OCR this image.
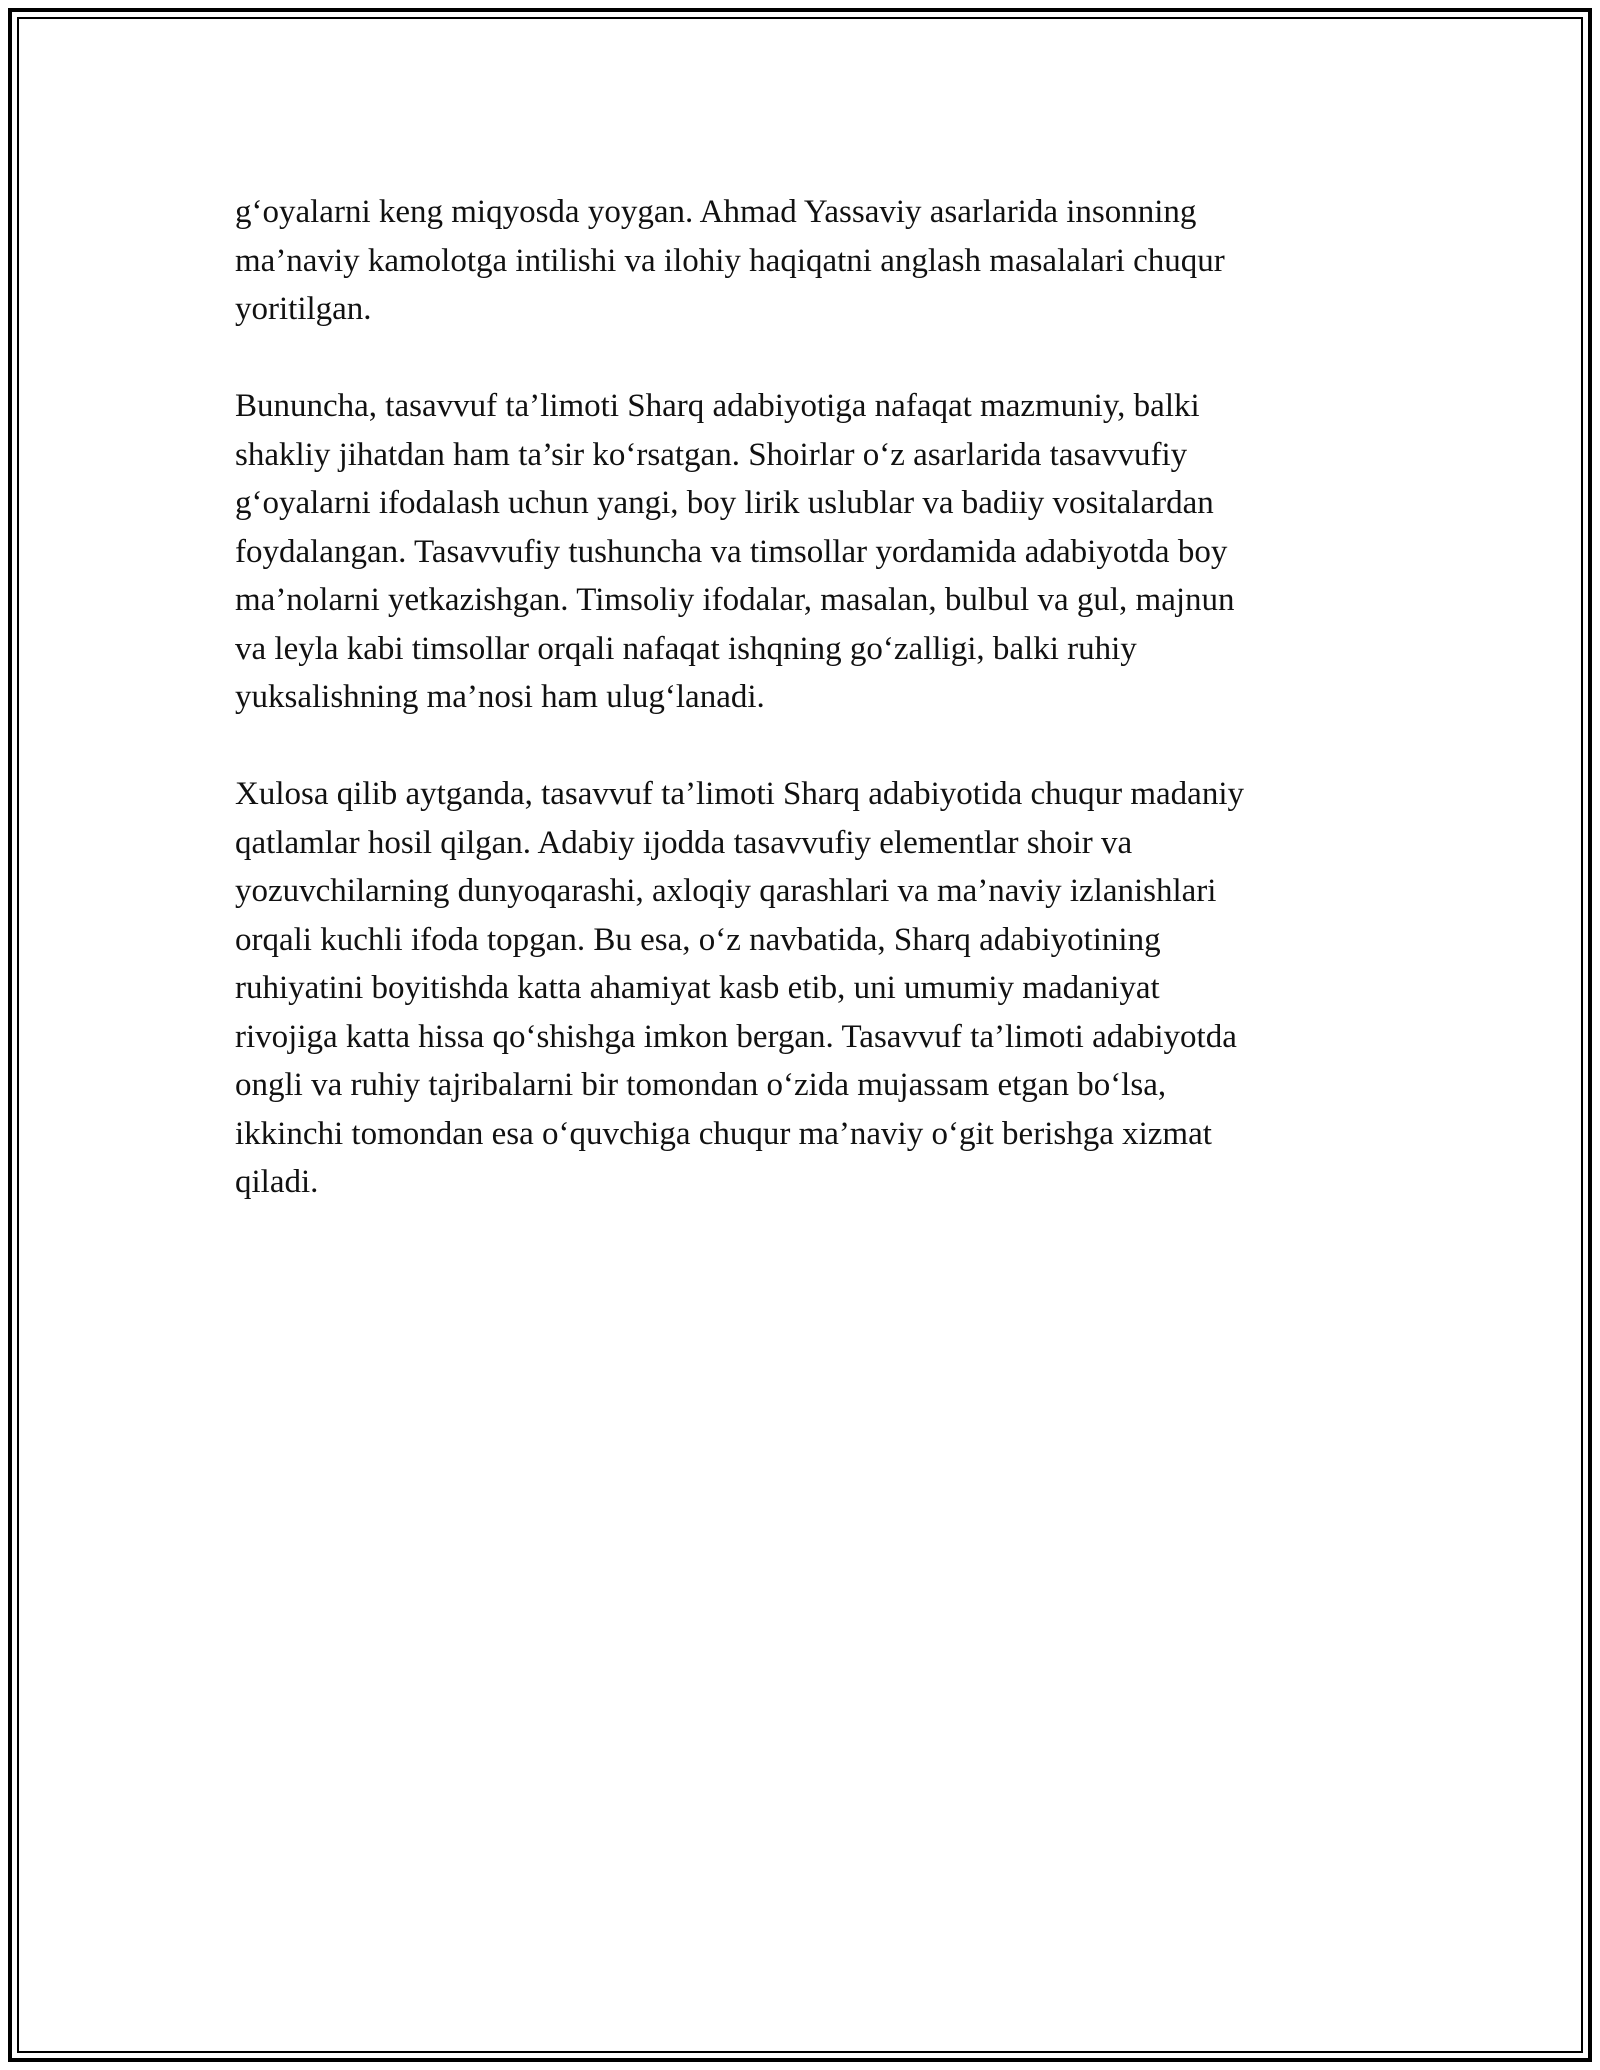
g‘oyalarni keng miqyosda yoygan. Ahmad Yassaviy asarlarida insonning
ma’naviy kamolotga intilishi va ilohiy haqiqatni anglash masalalari chuqur
yoritilgan.

Bununcha, tasavvuf ta’limoti Sharq adabiyotiga nafaqat mazmuniy, balki
shakliy jihatdan ham ta’sir ko‘rsatgan. Shoirlar o‘z asarlarida tasavvufiy
g‘oyalarni ifodalash uchun yangi, boy lirik uslublar va badiiy vositalardan
foydalangan. Tasavvufiy tushuncha va timsollar yordamida adabiyotda boy
ma’nolarni yetkazishgan. Timsoliy ifodalar, masalan, bulbul va gul, majnun
va leyla kabi timsollar orqali nafaqat ishqning go‘zalligi, balki ruhiy
yuksalishning ma’nosi ham ulug‘lanadi.

Xulosa qilib aytganda, tasavvuf ta’limoti Sharq adabiyotida chuqur madaniy
qatlamlar hosil qilgan. Adabiy ijodda tasavvufiy elementlar shoir va
yozuvchilarning dunyoqarashi, axloqiy qarashlari va ma’naviy izlanishlari
orqali kuchli ifoda topgan. Bu esa, o‘z navbatida, Sharq adabiyotining
ruhiyatini boyitishda katta ahamiyat kasb etib, uni umumiy madaniyat
rivojiga katta hissa qo‘shishga imkon bergan. Tasavvuf ta’limoti adabiyotda
ongli va ruhiy tajribalarni bir tomondan o‘zida mujassam etgan bo‘lsa,
ikkinchi tomondan esa o‘quvchiga chuqur ma’naviy o‘git berishga xizmat
qiladi.
